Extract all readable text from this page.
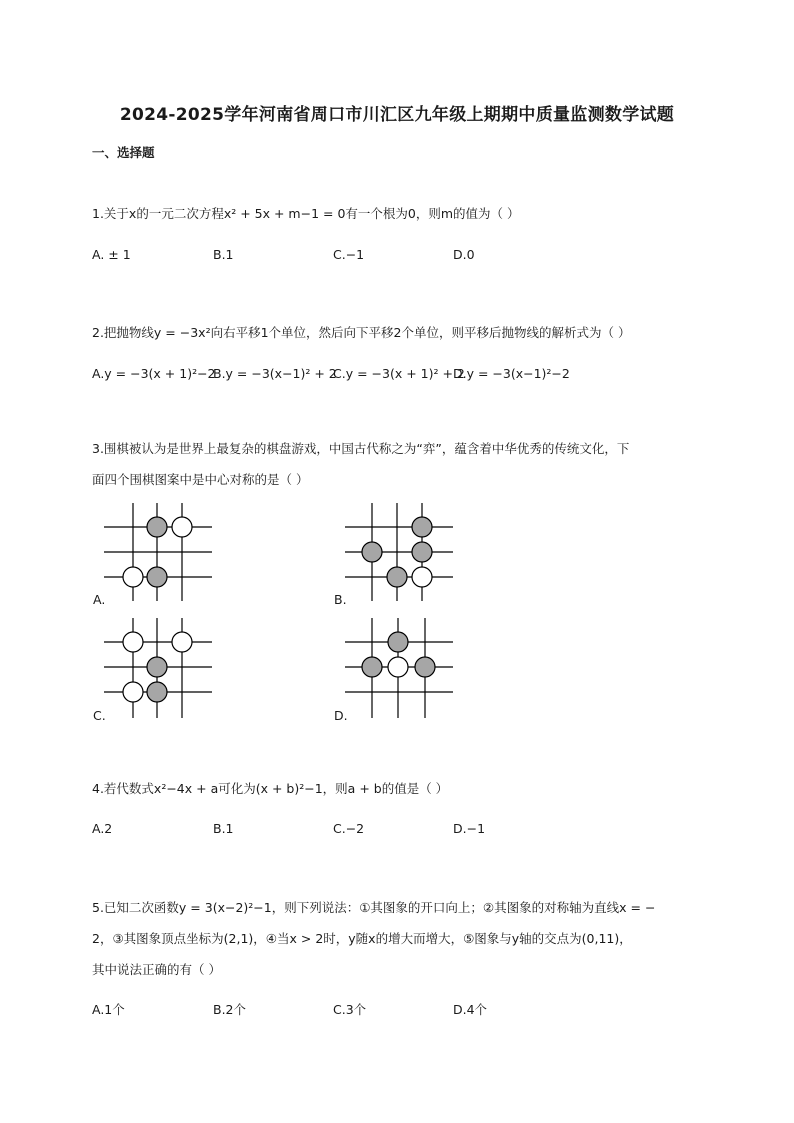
2024-2025学年河南省周口市川汇区九年级上期期中质量监测数学试题
一、选择题
1.关于x的一元二次方程x² + 5x + m−1 = 0有一个根为0，则m的值为（ ）
A. ± 1	B.1	C.−1	D.0
2.把抛物线y = −3x²向右平移1个单位，然后向下平移2个单位，则平移后抛物线的解析式为（ ）
A.y = −3(x + 1)²−2
B.y = −3(x−1)² + 2
C.y = −3(x + 1)² + 2
D.y = −3(x−1)²−2
3.围棋被认为是世界上最复杂的棋盘游戏，中国古代称之为“弈”，蕴含着中华优秀的传统文化，下
面四个围棋图案中是中心对称的是（ ）
A.	B.
C.	D.
4.若代数式x²−4x + a可化为(x + b)²−1，则a + b的值是（ ）
A.2	B.1	C.−2	D.−1
5.已知二次函数y = 3(x−2)²−1，则下列说法：①其图象的开口向上；②其图象的对称轴为直线x = −
2，③其图象顶点坐标为(2,1)，④当x > 2时，y随x的增大而增大，⑤图象与y轴的交点为(0,11)，
其中说法正确的有（ ）
A.1个	B.2个	C.3个	D.4个
